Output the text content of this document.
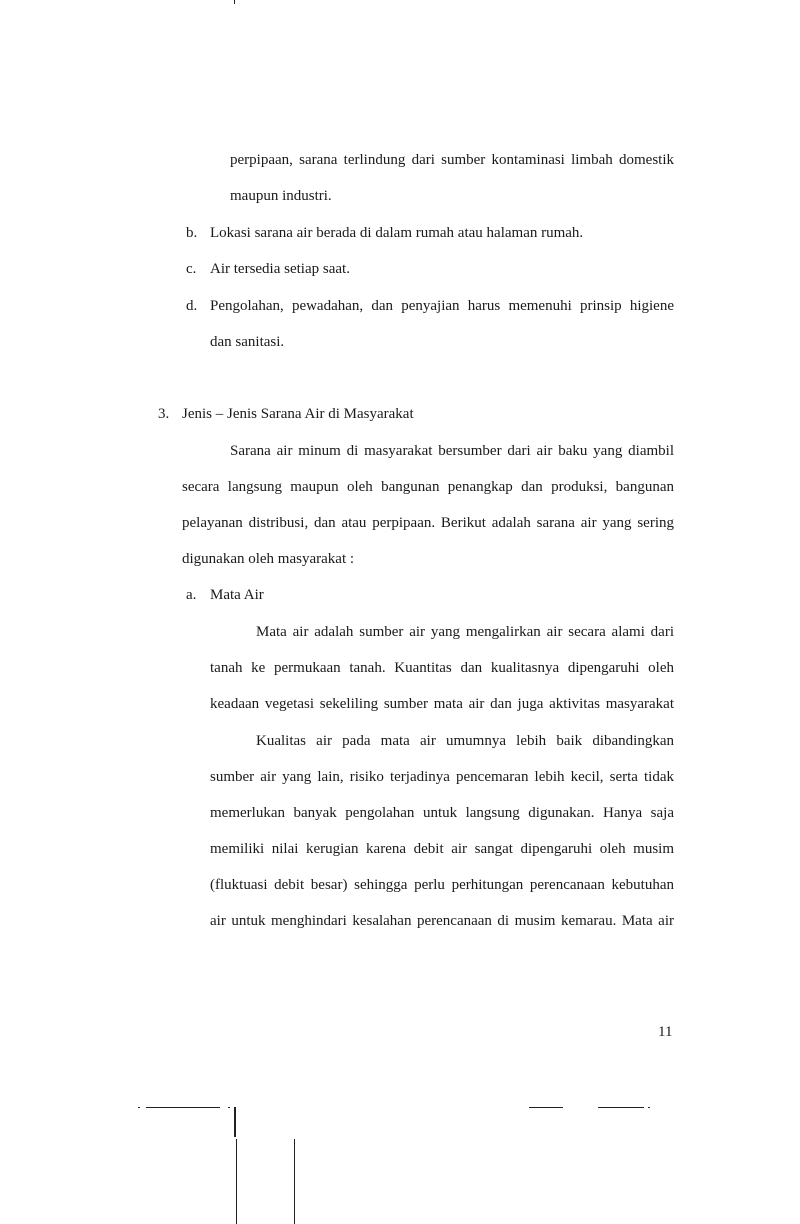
perpipaan, sarana terlindung dari sumber kontaminasi limbah domestik
maupun industri.
b. Lokasi sarana air berada di dalam rumah atau halaman rumah.
c. Air tersedia setiap saat.
d. Pengolahan, pewadahan, dan penyajian harus memenuhi prinsip higiene
dan sanitasi.
3. Jenis – Jenis Sarana Air di Masyarakat
Sarana air minum di masyarakat bersumber dari air baku yang diambil
secara langsung maupun oleh bangunan penangkap dan produksi, bangunan
pelayanan distribusi, dan atau perpipaan. Berikut adalah sarana air yang sering
digunakan oleh masyarakat :
a. Mata Air
Mata air adalah sumber air yang mengalirkan air secara alami dari
tanah ke permukaan tanah. Kuantitas dan kualitasnya dipengaruhi oleh
keadaan vegetasi sekeliling sumber mata air dan juga aktivitas masyarakat
Kualitas air pada mata air umumnya lebih baik dibandingkan
sumber air yang lain, risiko terjadinya pencemaran lebih kecil, serta tidak
memerlukan banyak pengolahan untuk langsung digunakan. Hanya saja
memiliki nilai kerugian karena debit air sangat dipengaruhi oleh musim
(fluktuasi debit besar) sehingga perlu perhitungan perencanaan kebutuhan
air untuk menghindari kesalahan perencanaan di musim kemarau. Mata air
11
